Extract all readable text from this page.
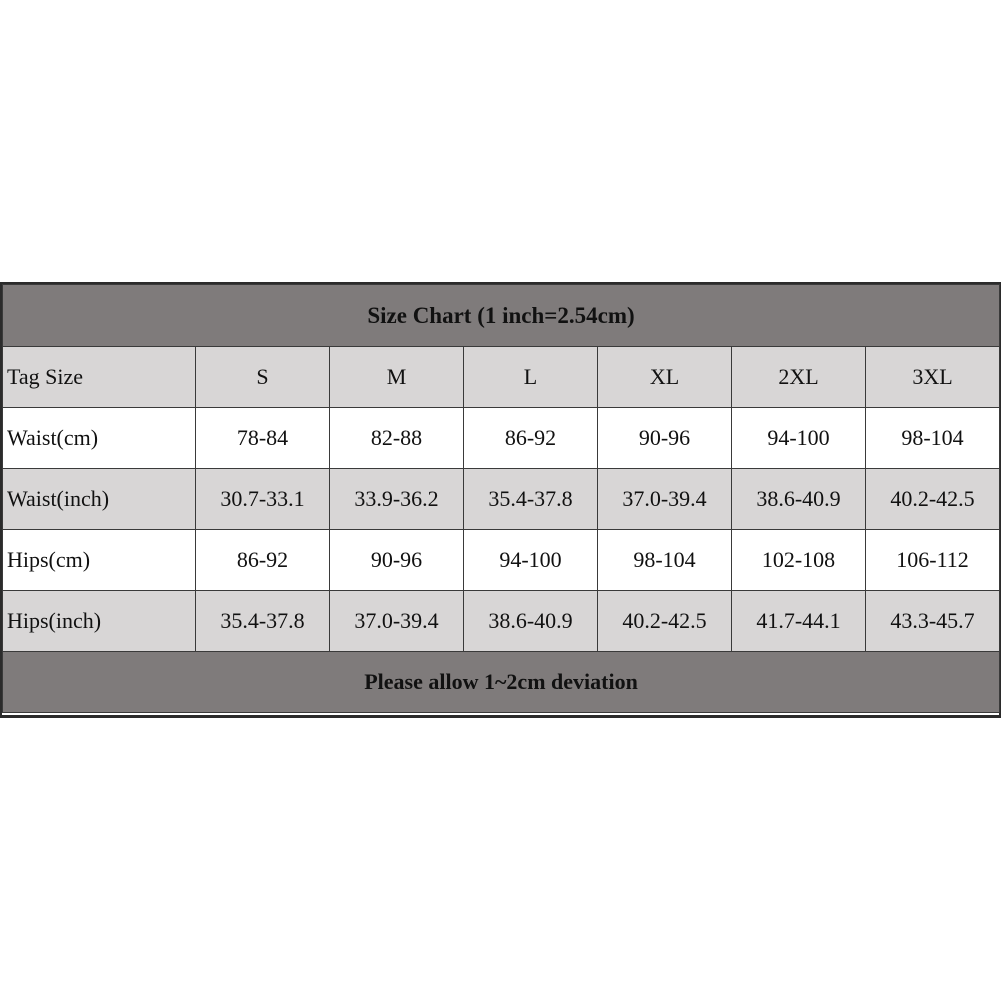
Size Chart (1 inch=2.54cm)						
Tag Size	S	M	L	XL	2XL	3XL
Waist(cm)	78-84	82-88	86-92	90-96	94-100	98-104
Waist(inch)	30.7-33.1	33.9-36.2	35.4-37.8	37.0-39.4	38.6-40.9	40.2-42.5
Hips(cm)	86-92	90-96	94-100	98-104	102-108	106-112
Hips(inch)	35.4-37.8	37.0-39.4	38.6-40.9	40.2-42.5	41.7-44.1	43.3-45.7
Please allow 1~2cm deviation						
